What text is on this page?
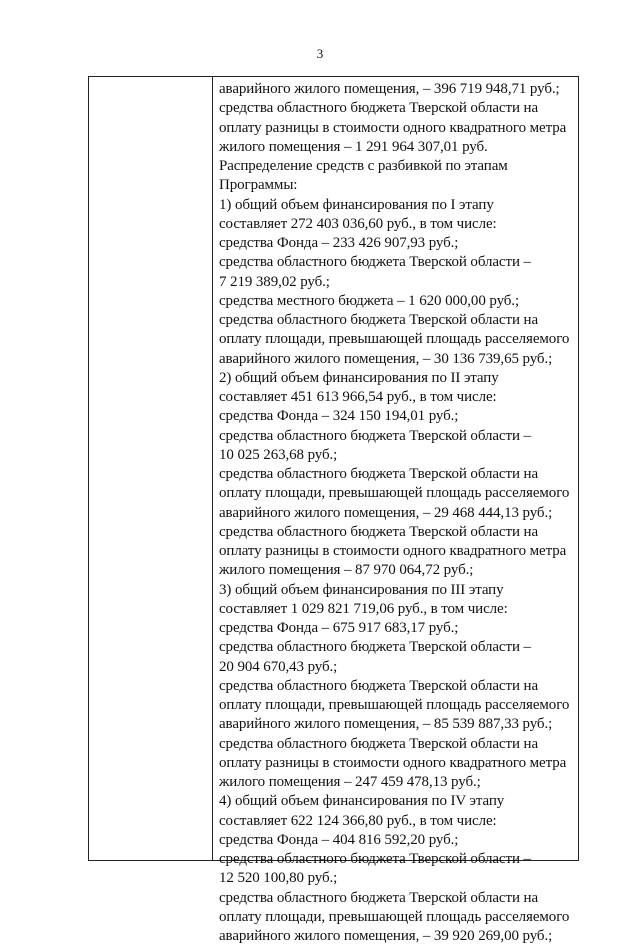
3
аварийного жилого помещения, – 396 719 948,71 руб.;
средства областного бюджета Тверской области на
оплату разницы в стоимости одного квадратного метра
жилого помещения – 1 291 964 307,01 руб.
Распределение средств с разбивкой по этапам
Программы:
1) общий объем финансирования по I этапу
составляет 272 403 036,60 руб., в том числе:
средства Фонда – 233 426 907,93 руб.;
средства областного бюджета Тверской области –
7 219 389,02 руб.;
средства местного бюджета – 1 620 000,00 руб.;
средства областного бюджета Тверской области на
оплату площади, превышающей площадь расселяемого
аварийного жилого помещения, – 30 136 739,65 руб.;
2) общий объем финансирования по II этапу
составляет 451 613 966,54 руб., в том числе:
средства Фонда – 324 150 194,01 руб.;
средства областного бюджета Тверской области –
10 025 263,68 руб.;
средства областного бюджета Тверской области на
оплату площади, превышающей площадь расселяемого
аварийного жилого помещения, – 29 468 444,13 руб.;
средства областного бюджета Тверской области на
оплату разницы в стоимости одного квадратного метра
жилого помещения – 87 970 064,72 руб.;
3) общий объем финансирования по III этапу
составляет 1 029 821 719,06 руб., в том числе:
средства Фонда – 675 917 683,17 руб.;
средства областного бюджета Тверской области –
20 904 670,43 руб.;
средства областного бюджета Тверской области на
оплату площади, превышающей площадь расселяемого
аварийного жилого помещения, – 85 539 887,33 руб.;
средства областного бюджета Тверской области на
оплату разницы в стоимости одного квадратного метра
жилого помещения – 247 459 478,13 руб.;
4) общий объем финансирования по IV этапу
составляет 622 124 366,80 руб., в том числе:
средства Фонда – 404 816 592,20 руб.;
средства областного бюджета Тверской области –
12 520 100,80 руб.;
средства областного бюджета Тверской области на
оплату площади, превышающей площадь расселяемого
аварийного жилого помещения, – 39 920 269,00 руб.;
